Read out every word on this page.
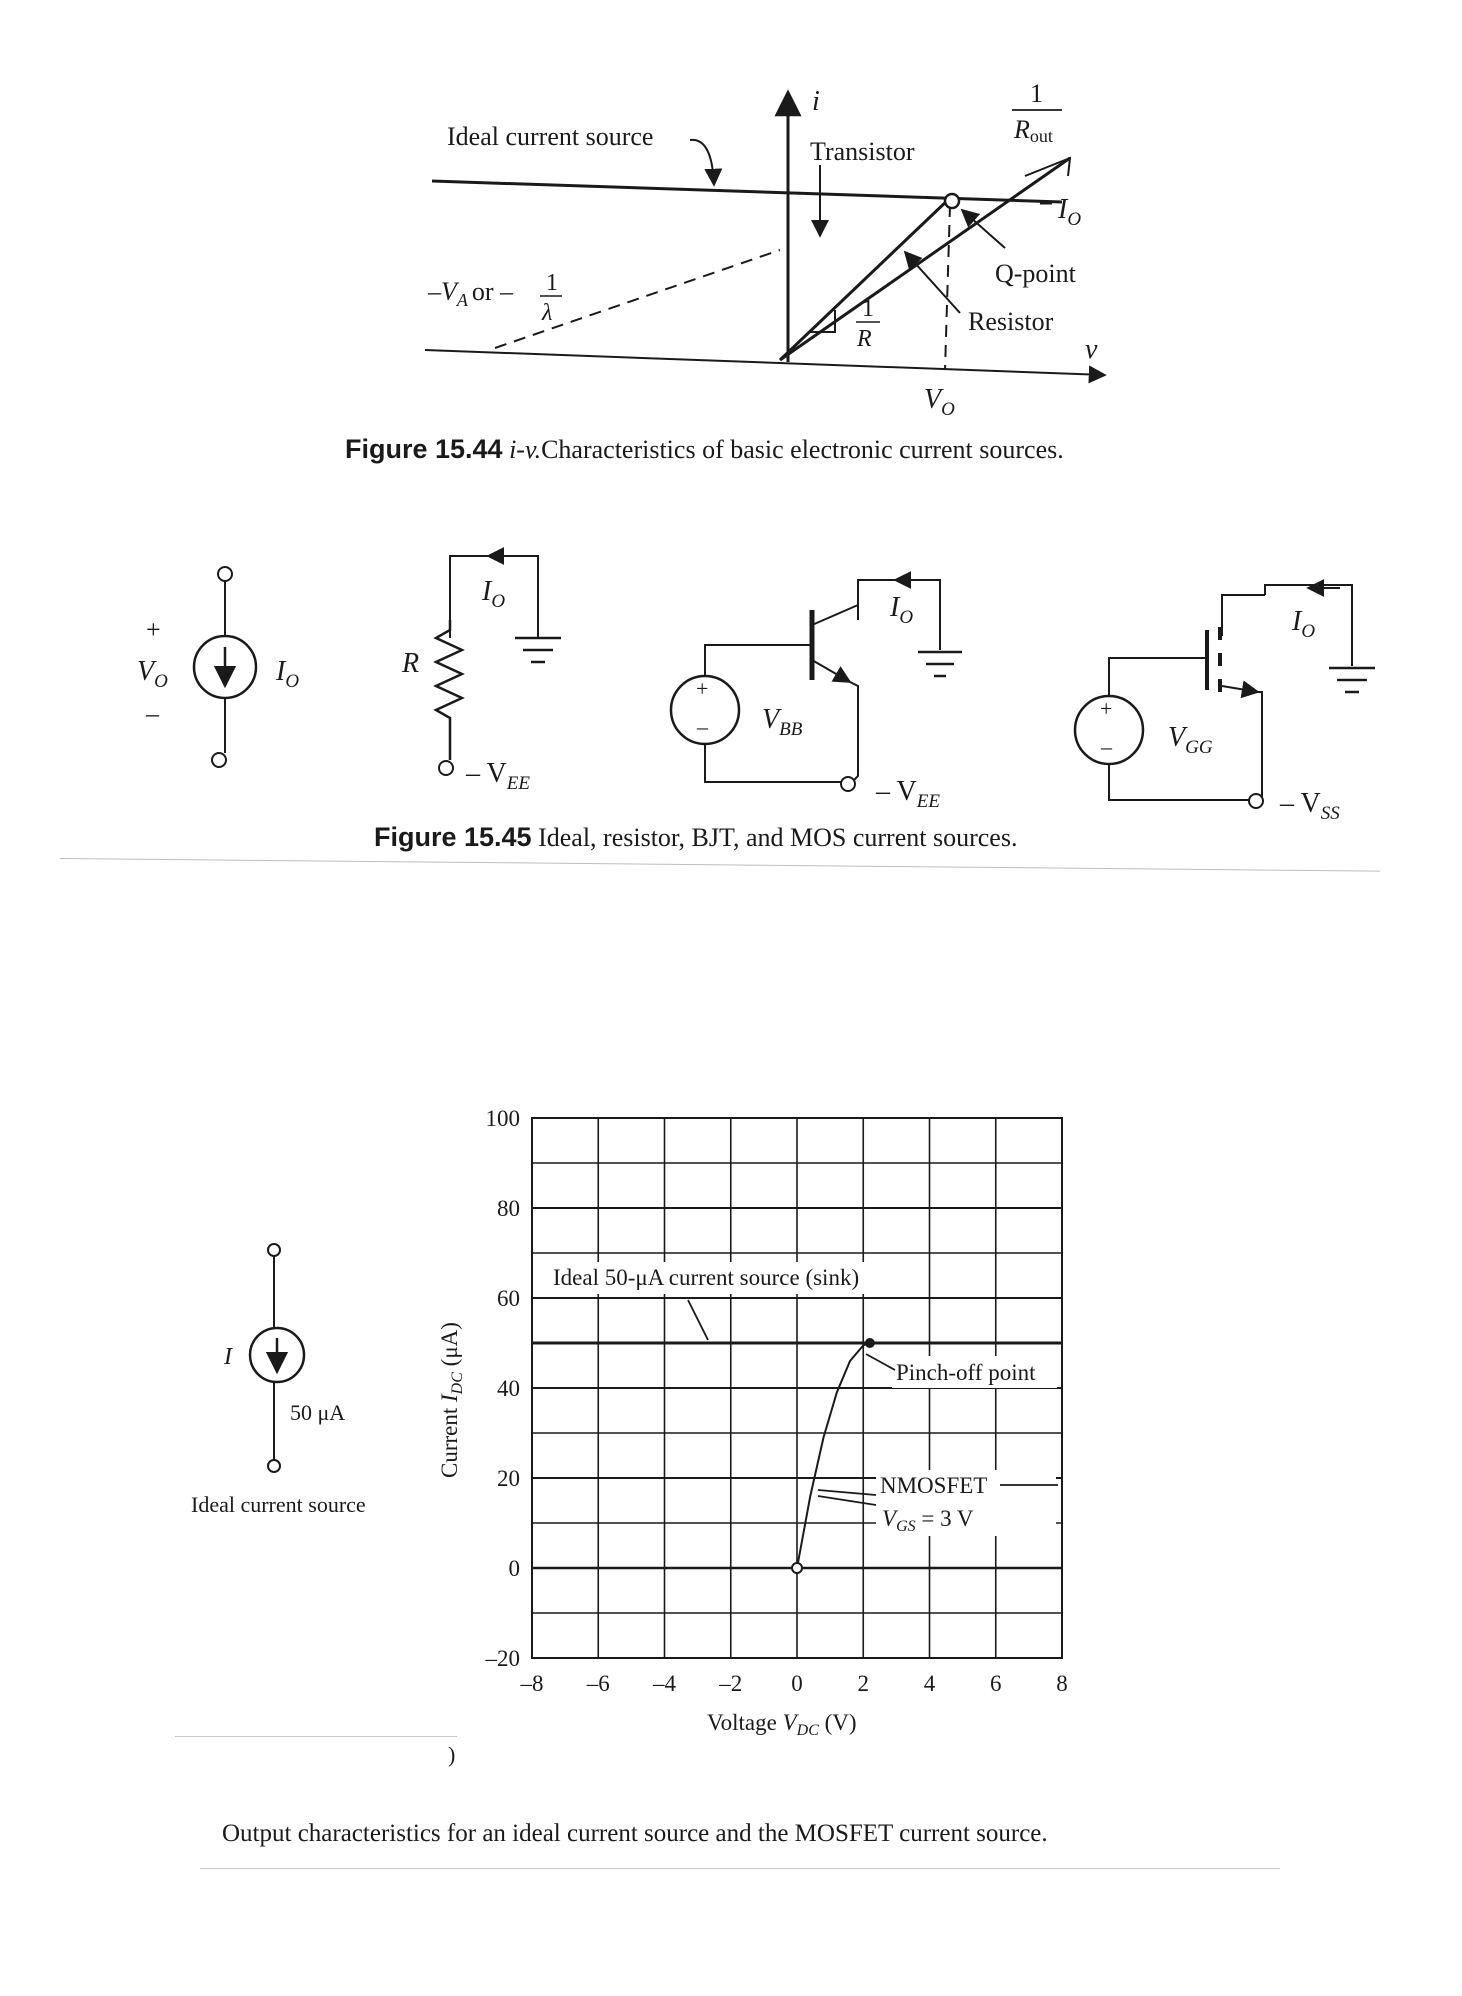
i
v
Ideal current source
Transistor
1
Rout
$I_O$
Q-point
Resistor
1
R
$-V_A$ or – 1
λ
$V_O$
Figure 15.44 i-v.Characteristics of basic electronic current sources.
+
$V_O$
–
$I_O$
$I_O$
R
– $V_{EE}$
$I_O$
+
– $V_{BB}$
– $V_{EE}$
$I_O$
+
– $V_{GG}$
– $V_{SS}$
Figure 15.45 Ideal, resistor, BJT, and MOS current sources.
I
50 μA
Ideal current source
100
80
60
40
20
0
–20
–8 –6 –4 –2 0 2 4 6 8
Current $I_{DC}$ (μA)
Voltage $V_{DC}$ (V)
Ideal 50-μA current source (sink)
Pinch-off point
NMOSFET
$V_{GS} = 3$ V
)
Output characteristics for an ideal current source and the MOSFET current source.
